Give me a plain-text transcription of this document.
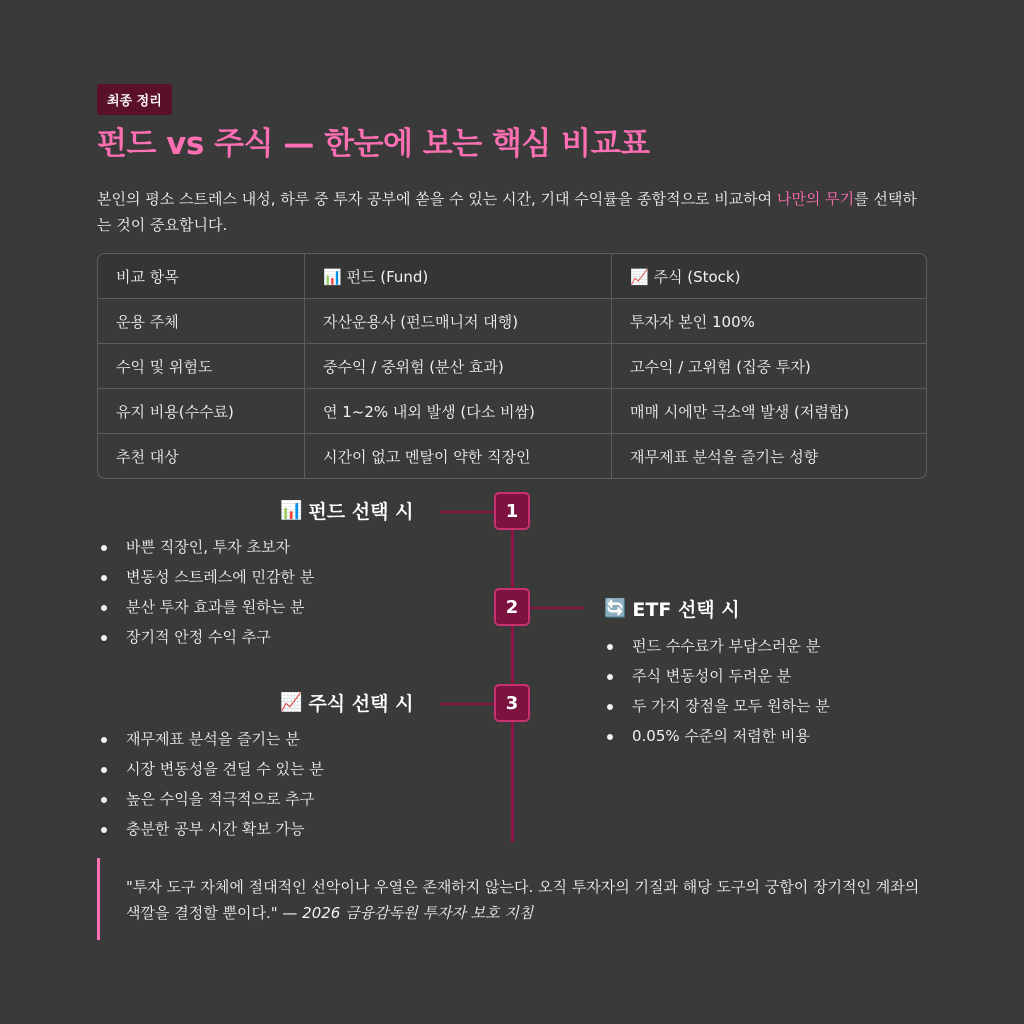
최종 정리
펀드 vs 주식 — 한눈에 보는 핵심 비교표
본인의 평소 스트레스 내성, 하루 중 투자 공부에 쏟을 수 있는 시간, 기대 수익률을 종합적으로 비교하여 나만의 무기를 선택하는 것이 중요합니다.
비교 항목	📊 펀드 (Fund)	📈 주식 (Stock)
운용 주체	자산운용사 (펀드매니저 대행)	투자자 본인 100%
수익 및 위험도	중수익 / 중위험 (분산 효과)	고수익 / 고위험 (집중 투자)
유지 비용(수수료)	연 1~2% 내외 발생 (다소 비쌈)	매매 시에만 극소액 발생 (저렴함)
추천 대상	시간이 없고 멘탈이 약한 직장인	재무제표 분석을 즐기는 성향
1
2
3
📊 펀드 선택 시
바쁜 직장인, 투자 초보자
변동성 스트레스에 민감한 분
분산 투자 효과를 원하는 분
장기적 안정 수익 추구
🔄 ETF 선택 시
펀드 수수료가 부담스러운 분
주식 변동성이 두려운 분
두 가지 장점을 모두 원하는 분
0.05% 수준의 저렴한 비용
📈 주식 선택 시
재무제표 분석을 즐기는 분
시장 변동성을 견딜 수 있는 분
높은 수익을 적극적으로 추구
충분한 공부 시간 확보 가능
"투자 도구 자체에 절대적인 선악이나 우열은 존재하지 않는다. 오직 투자자의 기질과 해당 도구의 궁합이 장기적인 계좌의 색깔을 결정할 뿐이다." — 2026 금융감독원 투자자 보호 지침
